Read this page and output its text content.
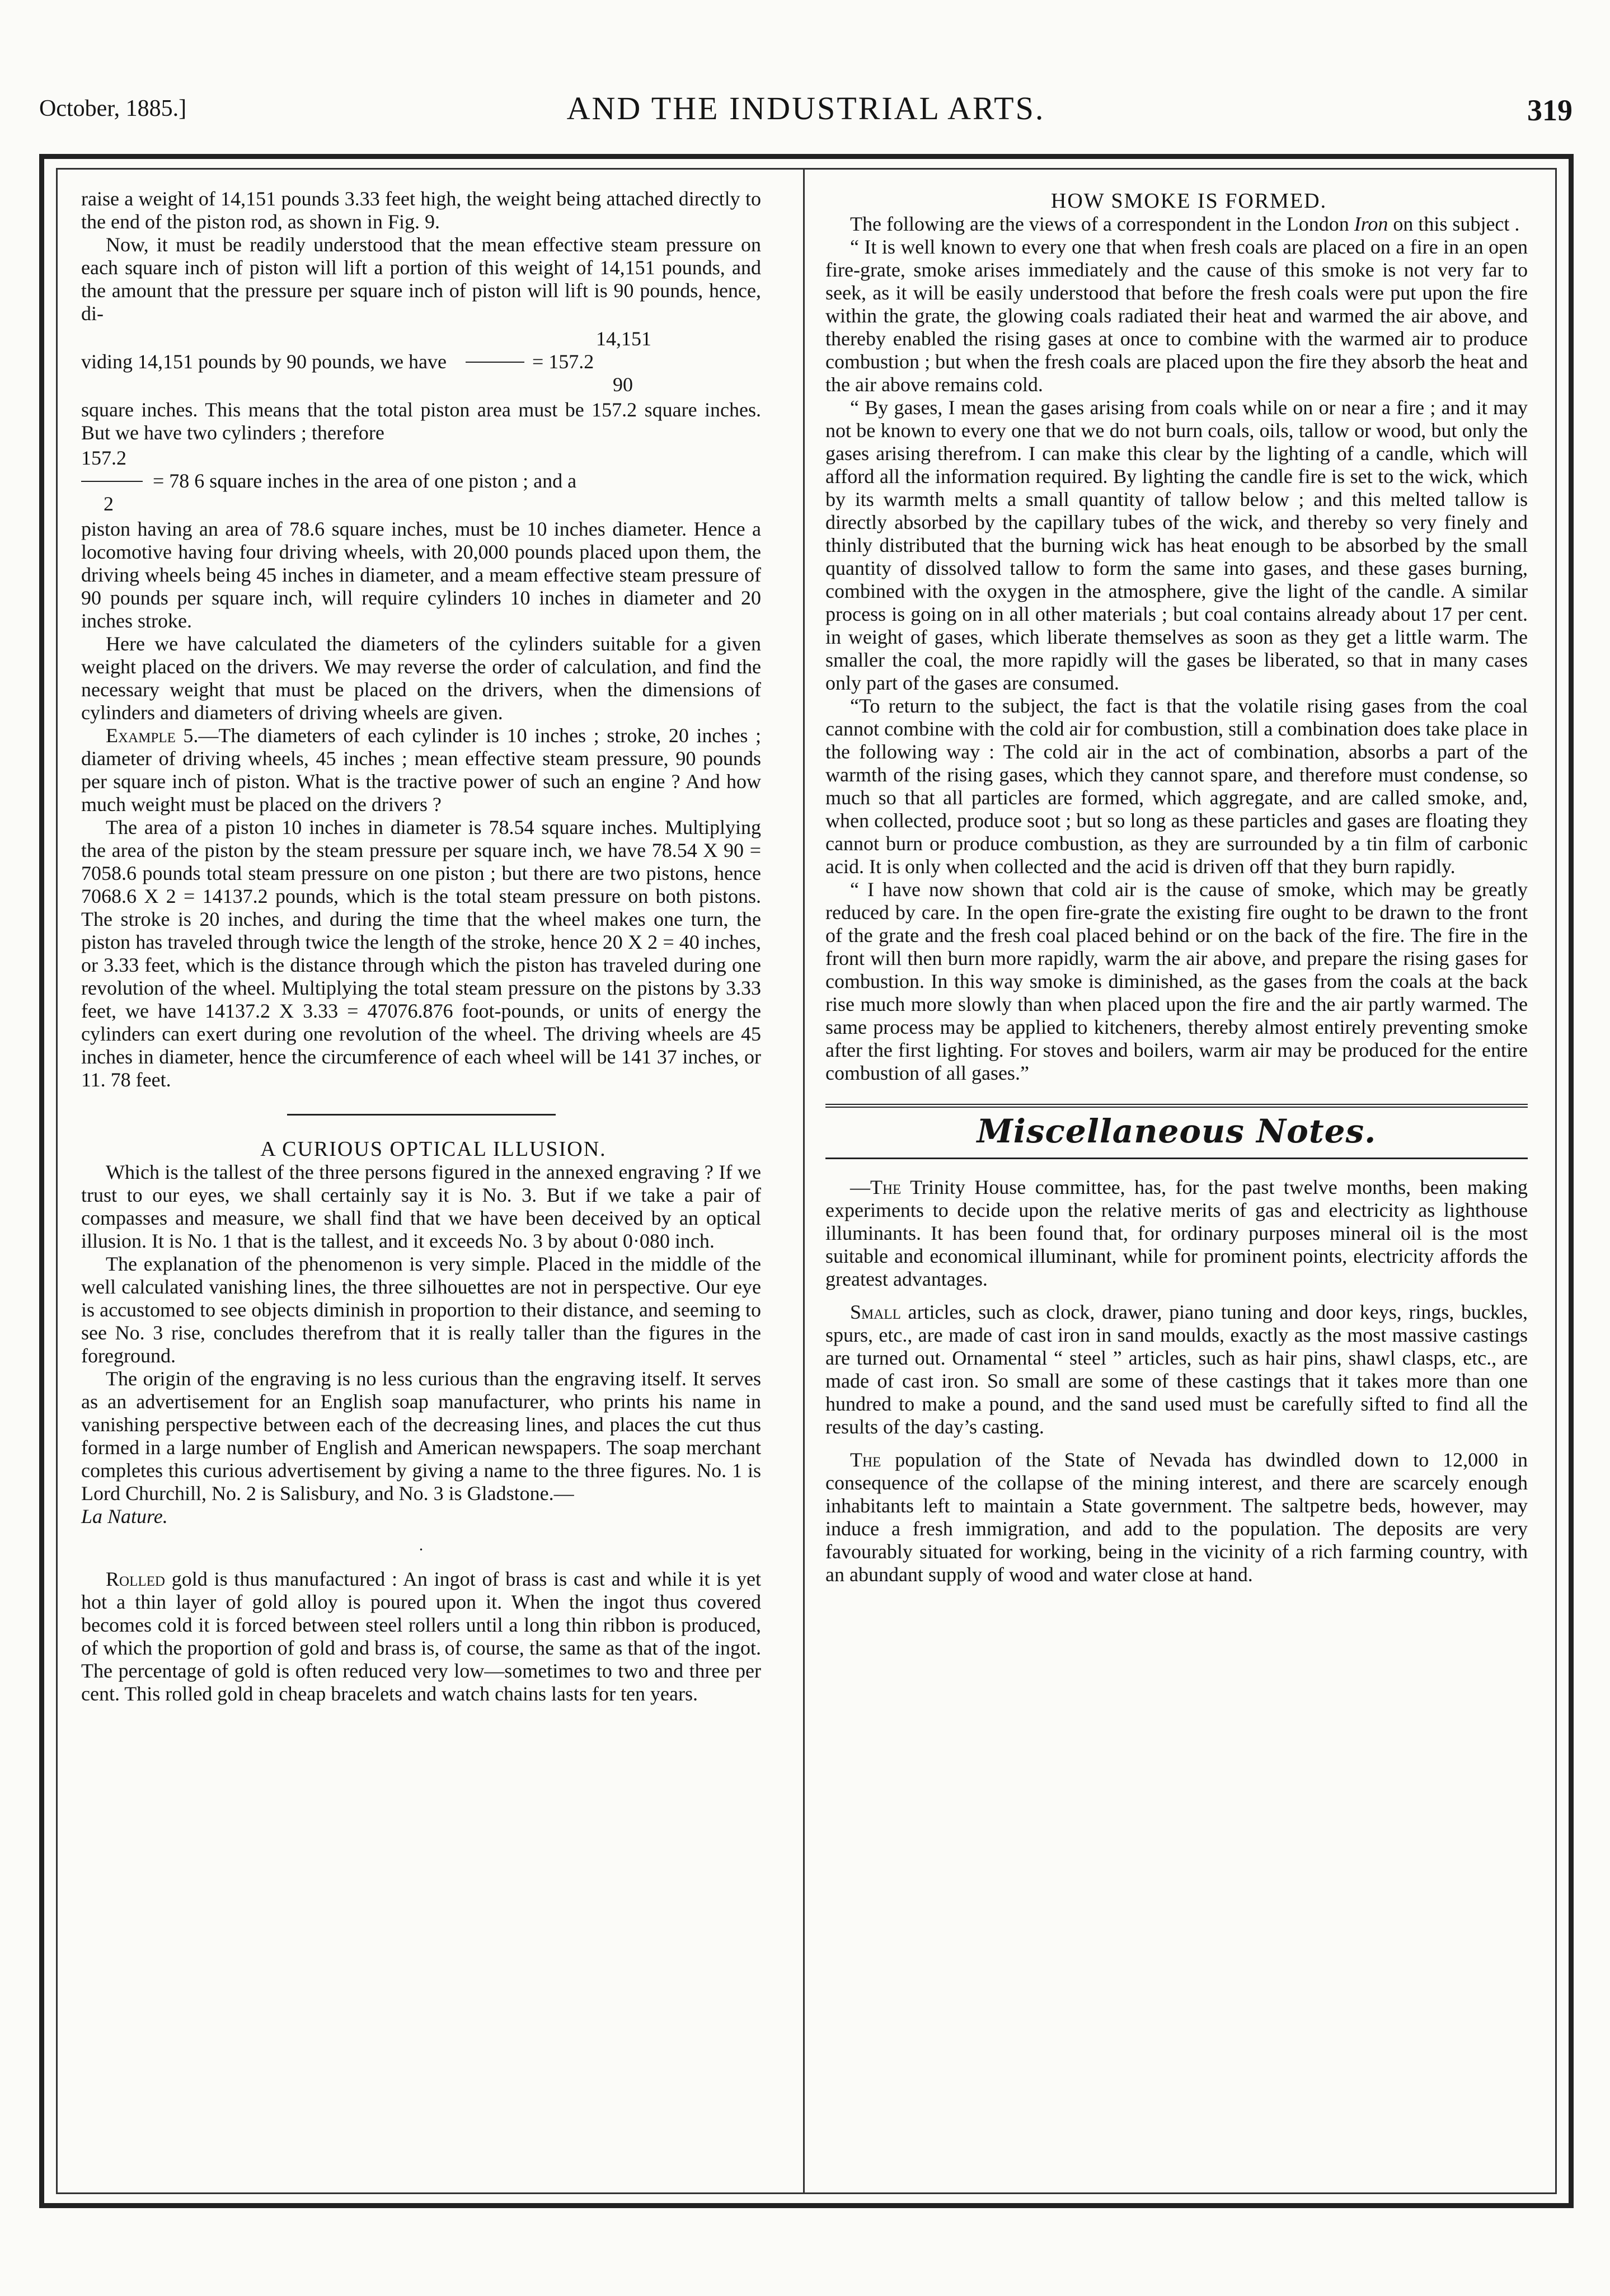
October, 1885.]	AND THE INDUSTRIAL ARTS.	319

raise a weight of 14,151 pounds 3.33 feet high, the weight being attached directly to the end of the piston rod, as shown in Fig. 9.

Now, it must be readily understood that the mean effective steam pressure on each square inch of piston will lift a portion of this weight of 14,151 pounds, and the amount that the pressure per square inch of piston will lift is 90 pounds, hence, di-

14,151
viding 14,151 pounds by 90 pounds, we have	= 157.2
90

square inches. This means that the total piston area must be 157.2 square inches. But we have two cylinders ; therefore

157.2
= 78 6 square inches in the area of one piston ; and a
2

piston having an area of 78.6 square inches, must be 10 inches diameter. Hence a locomotive having four driving wheels, with 20,000 pounds placed upon them, the driving wheels being 45 inches in diameter, and a meam effective steam pressure of 90 pounds per square inch, will require cylinders 10 inches in diameter and 20 inches stroke.

Here we have calculated the diameters of the cylinders suitable for a given weight placed on the drivers. We may reverse the order of calculation, and find the necessary weight that must be placed on the drivers, when the dimensions of cylinders and diameters of driving wheels are given.

Example 5.—The diameters of each cylinder is 10 inches ; stroke, 20 inches ; diameter of driving wheels, 45 inches ; mean effective steam pressure, 90 pounds per square inch of piston. What is the tractive power of such an engine ? And how much weight must be placed on the drivers ?

The area of a piston 10 inches in diameter is 78.54 square inches. Multiplying the area of the piston by the steam pressure per square inch, we have 78.54 X 90 = 7058.6 pounds total steam pressure on one piston ; but there are two pistons, hence 7068.6 X 2 = 14137.2 pounds, which is the total steam pressure on both pistons. The stroke is 20 inches, and during the time that the wheel makes one turn, the piston has traveled through twice the length of the stroke, hence 20 X 2 = 40 inches, or 3.33 feet, which is the distance through which the piston has traveled during one revolution of the wheel. Multiplying the total steam pressure on the pistons by 3.33 feet, we have 14137.2 X 3.33 = 47076.876 foot-pounds, or units of energy the cylinders can exert during one revolution of the wheel. The driving wheels are 45 inches in diameter, hence the circumference of each wheel will be 141 37 inches, or 11. 78 feet.

A CURIOUS OPTICAL ILLUSION.

Which is the tallest of the three persons figured in the annexed engraving ? If we trust to our eyes, we shall certainly say it is No. 3. But if we take a pair of compasses and measure, we shall find that we have been deceived by an optical illusion. It is No. 1 that is the tallest, and it exceeds No. 3 by about 0·080 inch.

The explanation of the phenomenon is very simple. Placed in the middle of the well calculated vanishing lines, the three silhouettes are not in perspective. Our eye is accustomed to see objects diminish in proportion to their distance, and seeming to see No. 3 rise, concludes therefrom that it is really taller than the figures in the foreground.

The origin of the engraving is no less curious than the engraving itself. It serves as an advertisement for an English soap manufacturer, who prints his name in vanishing perspective between each of the decreasing lines, and places the cut thus formed in a large number of English and American newspapers. The soap merchant completes this curious advertisement by giving a name to the three figures. No. 1 is Lord Churchill, No. 2 is Salisbury, and No. 3 is Gladstone.—

La Nature.

·

Rolled gold is thus manufactured : An ingot of brass is cast and while it is yet hot a thin layer of gold alloy is poured upon it. When the ingot thus covered becomes cold it is forced between steel rollers until a long thin ribbon is produced, of which the proportion of gold and brass is, of course, the same as that of the ingot. The percentage of gold is often reduced very low—sometimes to two and three per cent. This rolled gold in cheap bracelets and watch chains lasts for ten years.

HOW SMOKE IS FORMED.

The following are the views of a correspondent in the London Iron on this subject .

“ It is well known to every one that when fresh coals are placed on a fire in an open fire-grate, smoke arises immediately and the cause of this smoke is not very far to seek, as it will be easily understood that before the fresh coals were put upon the fire within the grate, the glowing coals radiated their heat and warmed the air above, and thereby enabled the rising gases at once to combine with the warmed air to produce combustion ; but when the fresh coals are placed upon the fire they absorb the heat and the air above remains cold.

“ By gases, I mean the gases arising from coals while on or near a fire ; and it may not be known to every one that we do not burn coals, oils, tallow or wood, but only the gases arising therefrom. I can make this clear by the lighting of a candle, which will afford all the information required. By lighting the candle fire is set to the wick, which by its warmth melts a small quantity of tallow below ; and this melted tallow is directly absorbed by the capillary tubes of the wick, and thereby so very finely and thinly distributed that the burning wick has heat enough to be absorbed by the small quantity of dissolved tallow to form the same into gases, and these gases burning, combined with the oxygen in the atmosphere, give the light of the candle. A similar process is going on in all other materials ; but coal contains already about 17 per cent. in weight of gases, which liberate themselves as soon as they get a little warm. The smaller the coal, the more rapidly will the gases be liberated, so that in many cases only part of the gases are consumed.

“To return to the subject, the fact is that the volatile rising gases from the coal cannot combine with the cold air for combustion, still a combination does take place in the following way : The cold air in the act of combination, absorbs a part of the warmth of the rising gases, which they cannot spare, and therefore must condense, so much so that all particles are formed, which aggregate, and are called smoke, and, when collected, produce soot ; but so long as these particles and gases are floating they cannot burn or produce combustion, as they are surrounded by a tin film of carbonic acid. It is only when collected and the acid is driven off that they burn rapidly.

“ I have now shown that cold air is the cause of smoke, which may be greatly reduced by care. In the open fire-grate the existing fire ought to be drawn to the front of the grate and the fresh coal placed behind or on the back of the fire. The fire in the front will then burn more rapidly, warm the air above, and prepare the rising gases for combustion. In this way smoke is diminished, as the gases from the coals at the back rise much more slowly than when placed upon the fire and the air partly warmed. The same process may be applied to kitcheners, thereby almost entirely preventing smoke after the first lighting. For stoves and boilers, warm air may be produced for the entire combustion of all gases.”

Miscellaneous Notes.

—The Trinity House committee, has, for the past twelve months, been making experiments to decide upon the relative merits of gas and electricity as lighthouse illuminants. It has been found that, for ordinary purposes mineral oil is the most suitable and economical illuminant, while for prominent points, electricity affords the greatest advantages.

Small articles, such as clock, drawer, piano tuning and door keys, rings, buckles, spurs, etc., are made of cast iron in sand moulds, exactly as the most massive castings are turned out. Ornamental “ steel ” articles, such as hair pins, shawl clasps, etc., are made of cast iron. So small are some of these castings that it takes more than one hundred to make a pound, and the sand used must be carefully sifted to find all the results of the day’s casting.

The population of the State of Nevada has dwindled down to 12,000 in consequence of the collapse of the mining interest, and there are scarcely enough inhabitants left to maintain a State government. The saltpetre beds, however, may induce a fresh immigration, and add to the population. The deposits are very favourably situated for working, being in the vicinity of a rich farming country, with an abundant supply of wood and water close at hand.
